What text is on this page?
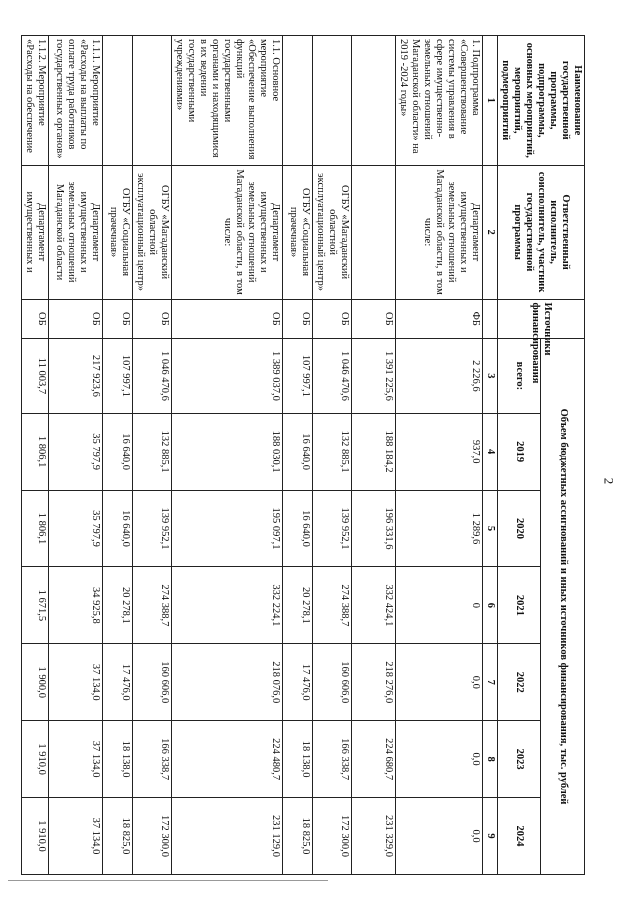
2
Наименование государственной программы, подпрограммы, основных мероприятий, мероприятий, подмероприятий	Ответственный исполнитель, соисполнитель, участник государственной программы	Источники финансирования	Объем бюджетных ассигнований и иных источников финансирования, тыс. рублей						
			всего:	2019	2020	2021	2022	2023	2024
1	2		3	4	5	6	7	8	9
1. Подпрограмма «Совершенствование системы управления в сфере имущественно-земельных отношений Магаданской области» на 2019 -2024 годы»	Департамент имущественных и земельных отношений Магаданской области, в том числе:	ФБ	2 226,6	937,0	1 289,6	0	0,0	0,0	0,0
		ОБ	1 391 225,6	188 184,2	196 331,6	332 424,1	218 276,0	224 680,7	231 329,0
	ОГБУ «Магаданский областной эксплуатационный центр»	ОБ	1 046 470,6	132 885,1	139 952,1	274 388,7	160 606,0	166 338,7	172 300,0
	ОГБУ «Социальная прачечная»	ОБ	107 997,1	16 640,0	16 640,0	20 278,1	17 476,0	18 138,0	18 825,0
1.1. Основное мероприятие «Обеспечение выполнения функций государственными органами и находящимися в их ведении государственными учреждениями»	Департамент имущественных и земельных отношений Магаданской области, в том числе:	ОБ	1 389 037,0	188 030,1	195 097,1	332 224,1	218 076,0	224 480,7	231 129,0
	ОГБУ «Магаданский областной эксплуатационный центр»	ОБ	1 046 470,6	132 885,1	139 952,1	274 388,7	160 606,0	166 338,7	172 300,0
	ОГБУ «Социальная прачечная»	ОБ	107 997,1	16 640,0	16 640,0	20 278,1	17 476,0	18 138,0	18 825,0
1.1.1. Мероприятие «Расходы на выплаты по оплате труда работников государственных органов»	Департамент имущественных и земельных отношений Магаданской области	ОБ	217 923,6	35 797,9	35 797,9	34 925,8	37 134,0	37 134,0	37 134,0
1.1.2. Мероприятие «Расходы на обеспечение	Департамент имущественных и	ОБ	11 003,7	1 806,1	1 806,1	1 671,5	1 900,0	1 910,0	1 910,0
